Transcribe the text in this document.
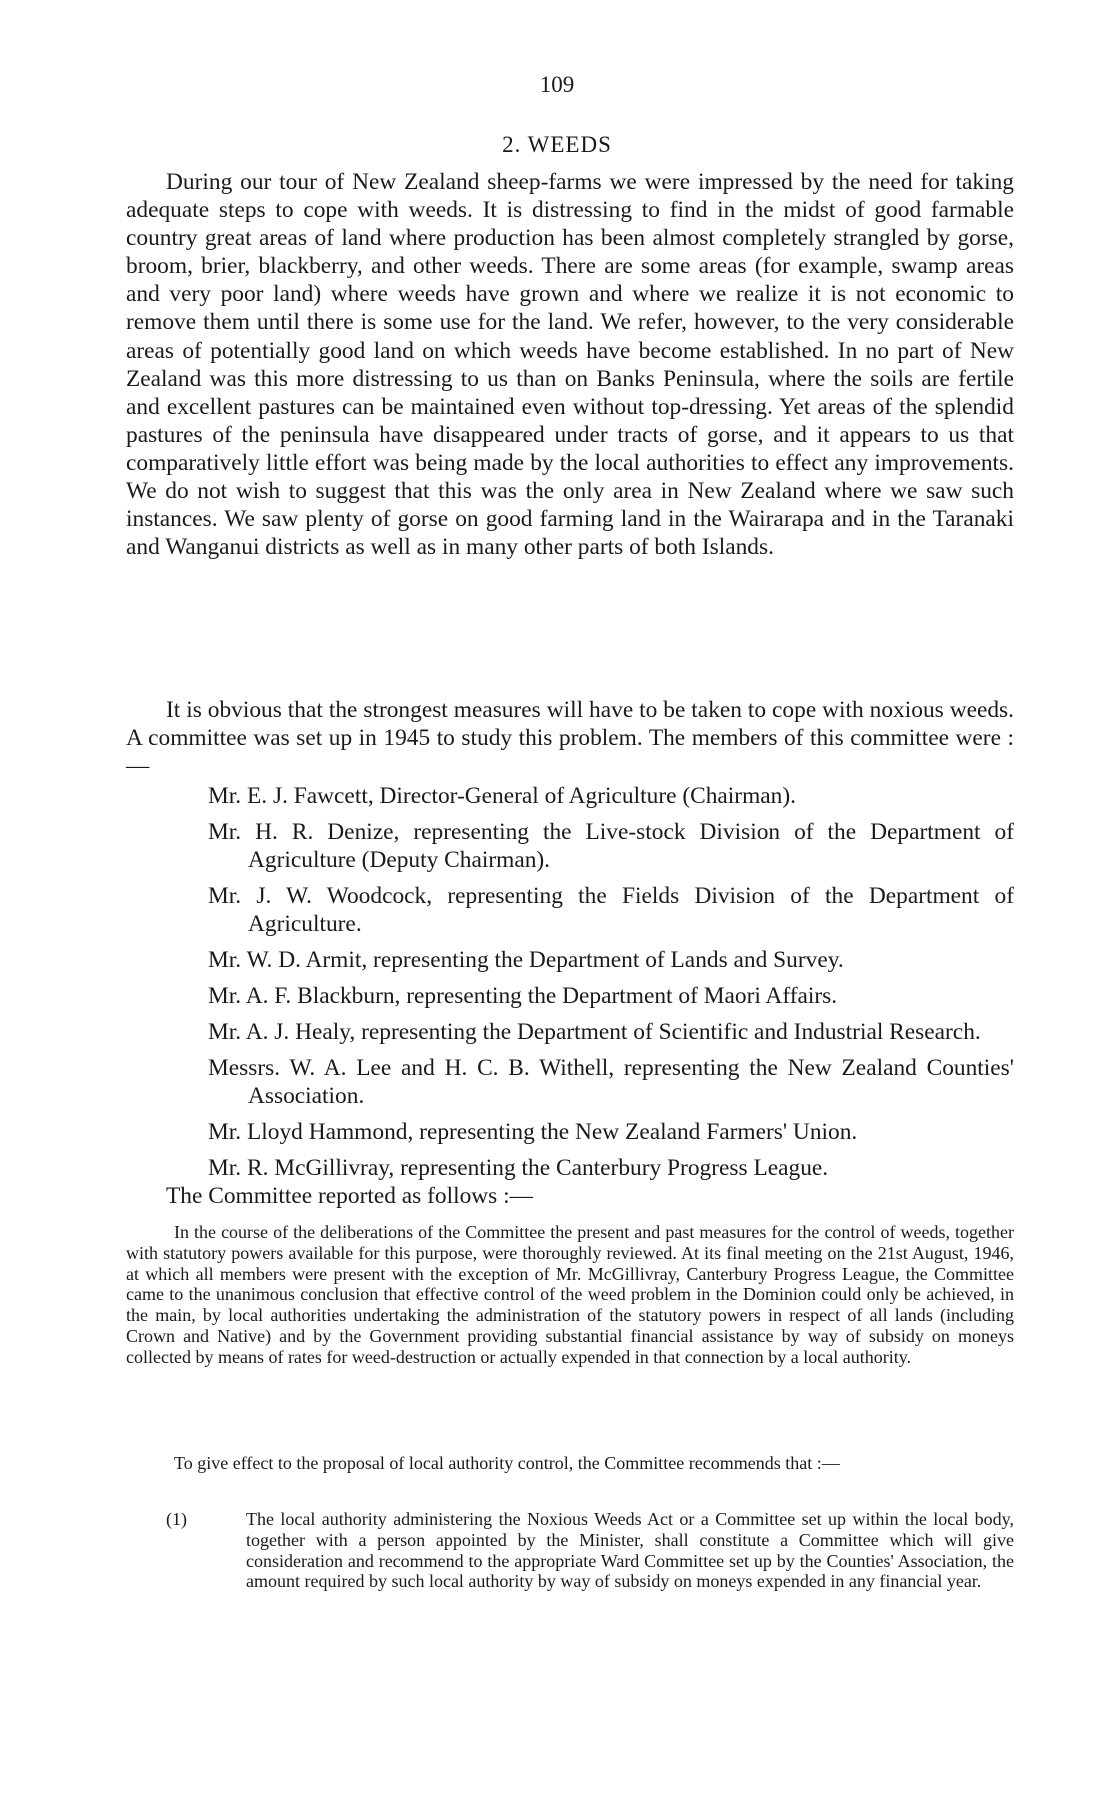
109
2. WEEDS

During our tour of New Zealand sheep-farms we were impressed by the need for taking adequate steps to cope with weeds. It is distressing to find in the midst of good farmable country great areas of land where production has been almost completely strangled by gorse, broom, brier, blackberry, and other weeds. There are some areas (for example, swamp areas and very poor land) where weeds have grown and where we realize it is not economic to remove them until there is some use for the land. We refer, however, to the very considerable areas of potentially good land on which weeds have become established. In no part of New Zealand was this more distressing to us than on Banks Peninsula, where the soils are fertile and excellent pastures can be maintained even without top-dressing. Yet areas of the splendid pastures of the peninsula have disappeared under tracts of gorse, and it appears to us that comparatively little effort was being made by the local authorities to effect any improvements. We do not wish to suggest that this was the only area in New Zealand where we saw such instances. We saw plenty of gorse on good farming land in the Wairarapa and in the Taranaki and Wanganui districts as well as in many other parts of both Islands.

It is obvious that the strongest measures will have to be taken to cope with noxious weeds. A committee was set up in 1945 to study this problem. The members of this committee were :—

Mr. E. J. Fawcett, Director-General of Agriculture (Chairman).
Mr. H. R. Denize, representing the Live-stock Division of the Department of Agriculture (Deputy Chairman).
Mr. J. W. Woodcock, representing the Fields Division of the Department of Agriculture.
Mr. W. D. Armit, representing the Department of Lands and Survey.
Mr. A. F. Blackburn, representing the Department of Maori Affairs.
Mr. A. J. Healy, representing the Department of Scientific and Industrial Research.
Messrs. W. A. Lee and H. C. B. Withell, representing the New Zealand Counties' Association.
Mr. Lloyd Hammond, representing the New Zealand Farmers' Union.
Mr. R. McGillivray, representing the Canterbury Progress League.

The Committee reported as follows :—

In the course of the deliberations of the Committee the present and past measures for the control of weeds, together with statutory powers available for this purpose, were thoroughly reviewed. At its final meeting on the 21st August, 1946, at which all members were present with the exception of Mr. McGillivray, Canterbury Progress League, the Committee came to the unanimous conclusion that effective control of the weed problem in the Dominion could only be achieved, in the main, by local authorities undertaking the administration of the statutory powers in respect of all lands (including Crown and Native) and by the Government providing substantial financial assistance by way of subsidy on moneys collected by means of rates for weed-destruction or actually expended in that connection by a local authority.

To give effect to the proposal of local authority control, the Committee recommends that :—

(1)	The local authority administering the Noxious Weeds Act or a Committee set up within the local body, together with a person appointed by the Minister, shall constitute a Committee which will give consideration and recommend to the appropriate Ward Committee set up by the Counties' Association, the amount required by such local authority by way of subsidy on moneys expended in any financial year.
